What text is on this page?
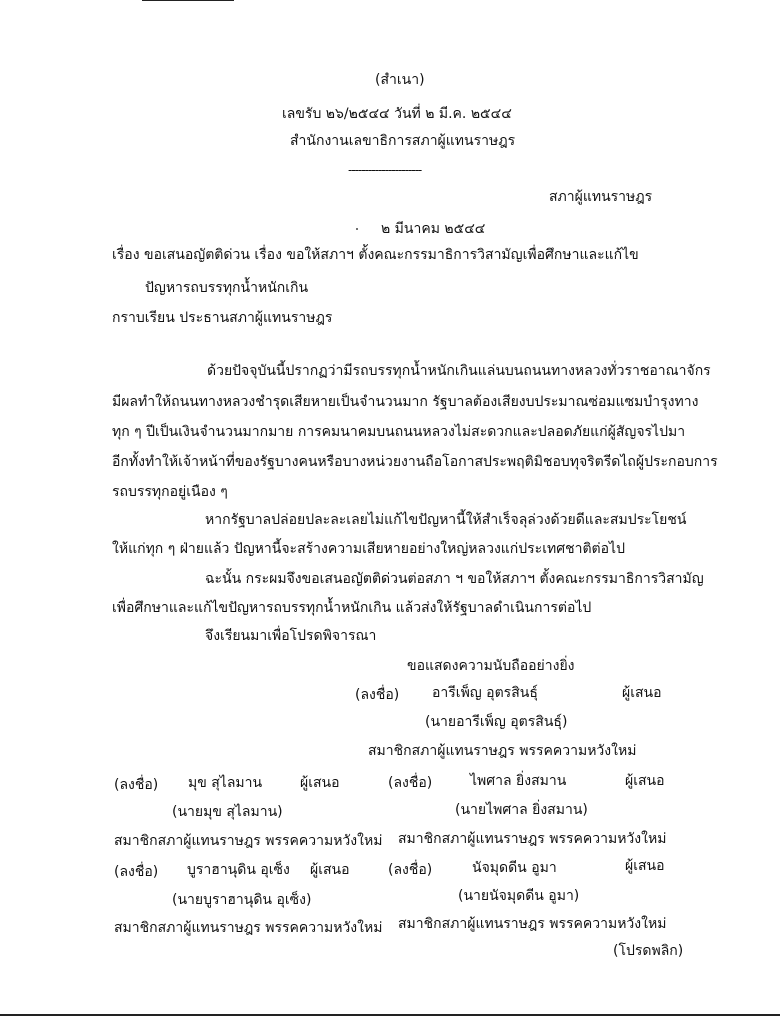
(สำเนา)
เลขรับ ๒๖/๒๕๔๔ วันที่ ๒ มี.ค. ๒๕๔๔
สำนักงานเลขาธิการสภาผู้แทนราษฎร
----------------------
สภาผู้แทนราษฎร
๒ มีนาคม ๒๕๔๔
เรื่อง ขอเสนอญัตติด่วน เรื่อง ขอให้สภาฯ ตั้งคณะกรรมาธิการวิสามัญเพื่อศึกษาและแก้ไข
ปัญหารถบรรทุกน้ำหนักเกิน
กราบเรียน ประธานสภาผู้แทนราษฎร
ด้วยปัจจุบันนี้ปรากฏว่ามีรถบรรทุกน้ำหนักเกินแล่นบนถนนทางหลวงทั่วราชอาณาจักร
มีผลทำให้ถนนทางหลวงชำรุดเสียหายเป็นจำนวนมาก รัฐบาลต้องเสียงบประมาณซ่อมแซมบำรุงทาง
ทุก ๆ ปีเป็นเงินจำนวนมากมาย การคมนาคมบนถนนหลวงไม่สะดวกและปลอดภัยแก่ผู้สัญจรไปมา
อีกทั้งทำให้เจ้าหน้าที่ของรัฐบางคนหรือบางหน่วยงานถือโอกาสประพฤติมิชอบทุจริตรีดไถผู้ประกอบการ
รถบรรทุกอยู่เนือง ๆ
หากรัฐบาลปล่อยปละละเลยไม่แก้ไขปัญหานี้ให้สำเร็จลุล่วงด้วยดีและสมประโยชน์
ให้แก่ทุก ๆ ฝ่ายแล้ว ปัญหานี้จะสร้างความเสียหายอย่างใหญ่หลวงแก่ประเทศชาติต่อไป
ฉะนั้น กระผมจึงขอเสนอญัตติด่วนต่อสภา ฯ ขอให้สภาฯ ตั้งคณะกรรมาธิการวิสามัญ
เพื่อศึกษาและแก้ไขปัญหารถบรรทุกน้ำหนักเกิน แล้วส่งให้รัฐบาลดำเนินการต่อไป
จึงเรียนมาเพื่อโปรดพิจารณา
ขอแสดงความนับถืออย่างยิ่ง
(ลงชื่อ) อารีเพ็ญ อุตรสินธุ์	ผู้เสนอ
(นายอารีเพ็ญ อุตรสินธุ์)
สมาชิกสภาผู้แทนราษฎร พรรคความหวังใหม่
(ลงชื่อ) มุข สุไลมาน	ผู้เสนอ	(ลงชื่อ)	ไพศาล ยิ่งสมาน	ผู้เสนอ
(นายมุข สุไลมาน)	(นายไพศาล ยิ่งสมาน)
สมาชิกสภาผู้แทนราษฎร พรรคความหวังใหม่ สมาชิกสภาผู้แทนราษฎร พรรคความหวังใหม่
(ลงชื่อ) บูราฮานุดิน อุเซ็ง ผู้เสนอ	(ลงชื่อ)	นัจมุดดีน อูมา	ผู้เสนอ
(นายบูราฮานุดิน อุเซ็ง)	(นายนัจมุดดีน อูมา)
สมาชิกสภาผู้แทนราษฎร พรรคความหวังใหม่ สมาชิกสภาผู้แทนราษฎร พรรคความหวังใหม่
(โปรดพลิก)
